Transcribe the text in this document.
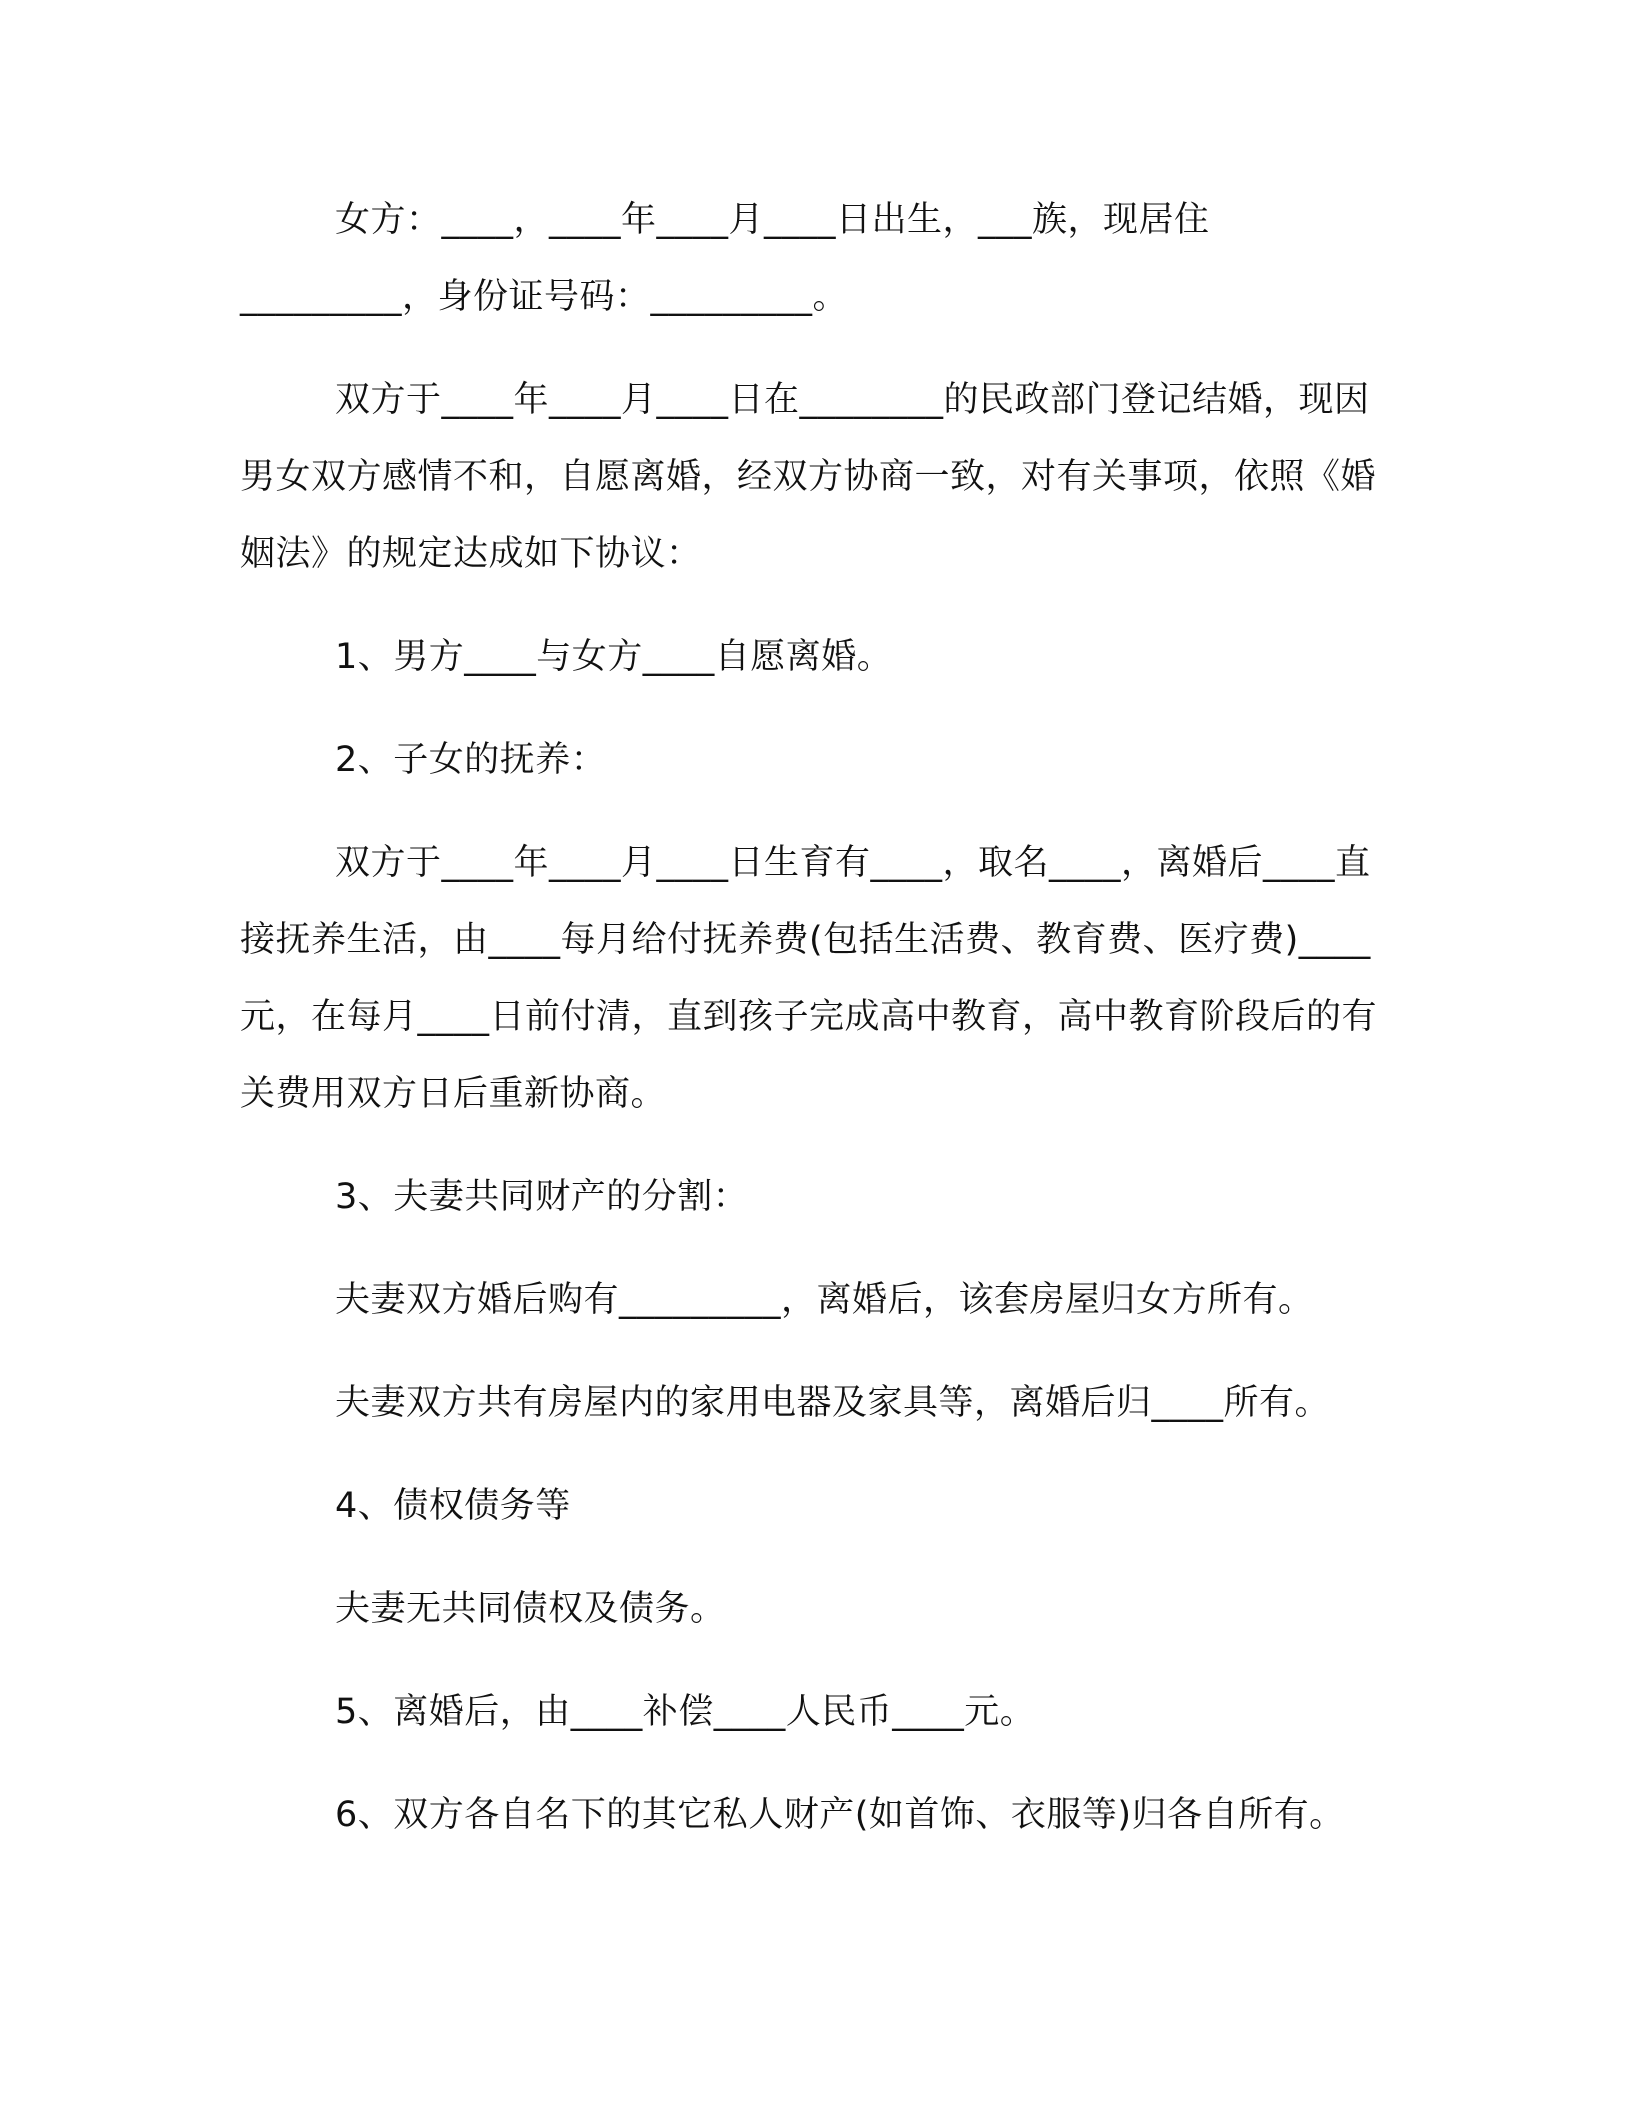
女方：____，____年____月____日出生，___族，现居住_________，身份证号码：_________。

双方于____年____月____日在________的民政部门登记结婚，现因男女双方感情不和，自愿离婚，经双方协商一致，对有关事项，依照《婚姻法》的规定达成如下协议：

1、男方____与女方____自愿离婚。

2、子女的抚养：

双方于____年____月____日生育有____，取名____，离婚后____直接抚养生活，由____每月给付抚养费(包括生活费、教育费、医疗费)____元，在每月____日前付清，直到孩子完成高中教育，高中教育阶段后的有关费用双方日后重新协商。

3、夫妻共同财产的分割：

夫妻双方婚后购有_________，离婚后，该套房屋归女方所有。

夫妻双方共有房屋内的家用电器及家具等，离婚后归____所有。

4、债权债务等

夫妻无共同债权及债务。

5、离婚后，由____补偿____人民币____元。

6、双方各自名下的其它私人财产(如首饰、衣服等)归各自所有。
